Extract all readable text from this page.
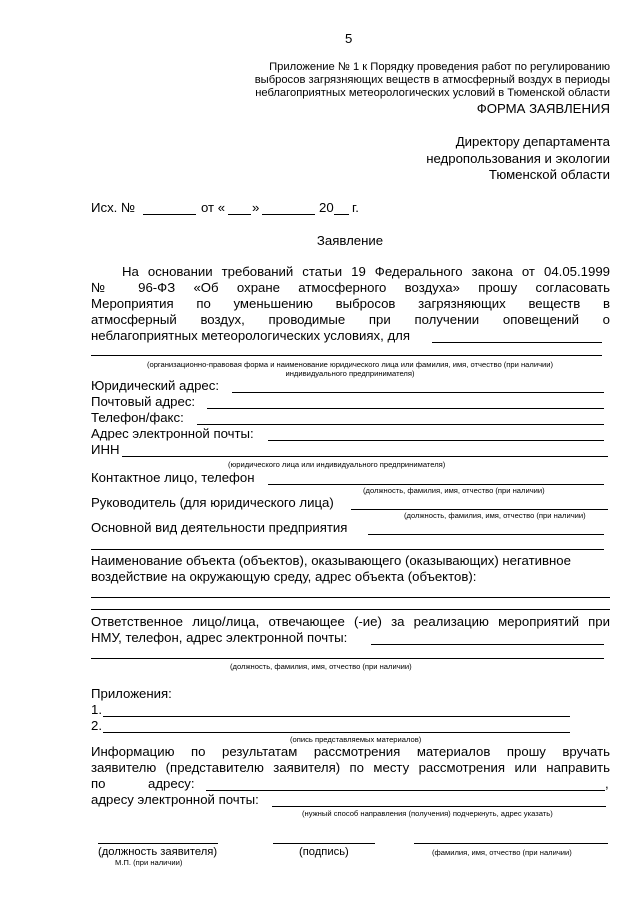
5
Приложение № 1 к Порядку проведения работ по регулированию
выбросов загрязняющих веществ в атмосферный воздух в периоды
неблагоприятных метеорологических условий в Тюменской области
ФОРМА ЗАЯВЛЕНИЯ
Директору департамента
недропользования и экологии
Тюменской области
Исх. №	от « »	20 г.
Заявление
На основании требований статьи 19 Федерального закона от 04.05.1999
№ 96-ФЗ «Об охране атмосферного воздуха» прошу согласовать
Мероприятия по уменьшению выбросов загрязняющих веществ в
атмосферный воздух, проводимые при получении оповещений о
неблагоприятных метеорологических условиях, для
(организационно-правовая форма и наименование юридического лица или фамилия, имя, отчество (при наличии)
индивидуального предпринимателя)
Юридический адрес:
Почтовый адрес:
Телефон/факс:
Адрес электронной почты:
ИНН
(юридического лица или индивидуального предпринимателя)
Контактное лицо, телефон
(должность, фамилия, имя, отчество (при наличии)
Руководитель (для юридического лица)
(должность, фамилия, имя, отчество (при наличии)
Основной вид деятельности предприятия
Наименование объекта (объектов), оказывающего (оказывающих) негативное
воздействие на окружающую среду, адрес объекта (объектов):
Ответственное лицо/лица, отвечающее (-ие) за реализацию мероприятий при
НМУ, телефон, адрес электронной почты:
(должность, фамилия, имя, отчество (при наличии)
Приложения:
1.
2.
(опись представляемых материалов)
Информацию по результатам рассмотрения материалов прошу вручать
заявителю (представителю заявителя) по месту рассмотрения или направить
по	адресу:	,
адресу электронной почты:
(нужный способ направления (получения) подчеркнуть, адрес указать)
(должность заявителя)
М.П. (при наличии)
(подпись)	(фамилия, имя, отчество (при наличии)
